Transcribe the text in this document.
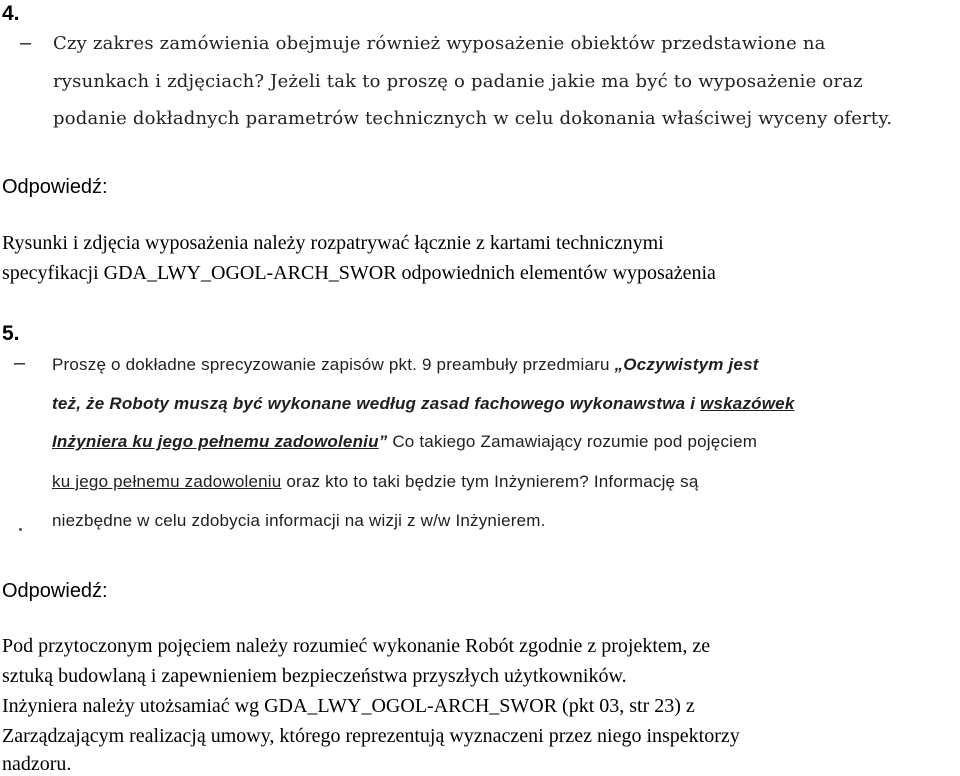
4.
– Czy zakres zamówienia obejmuje również wyposażenie obiektów przedstawione na
rysunkach i zdjęciach? Jeżeli tak to proszę o padanie jakie ma być to wyposażenie oraz
podanie dokładnych parametrów technicznych w celu dokonania właściwej wyceny oferty.
Odpowiedź:
Rysunki i zdjęcia wyposażenia należy rozpatrywać łącznie z kartami technicznymi
specyfikacji GDA_LWY_OGOL-ARCH_SWOR odpowiednich elementów wyposażenia
5.
– Proszę o dokładne sprecyzowanie zapisów pkt. 9 preambuły przedmiaru „Oczywistym jest
też, że Roboty muszą być wykonane według zasad fachowego wykonawstwa i wskazówek
Inżyniera ku jego pełnemu zadowoleniu” Co takiego Zamawiający rozumie pod pojęciem
ku jego pełnemu zadowoleniu oraz kto to taki będzie tym Inżynierem? Informację są
niezbędne w celu zdobycia informacji na wizji z w/w Inżynierem.
Odpowiedź:
Pod przytoczonym pojęciem należy rozumieć wykonanie Robót zgodnie z projektem, ze
sztuką budowlaną i zapewnieniem bezpieczeństwa przyszłych użytkowników.
Inżyniera należy utożsamiać wg GDA_LWY_OGOL-ARCH_SWOR (pkt 03, str 23) z
Zarządzającym realizacją umowy, którego reprezentują wyznaczeni przez niego inspektorzy
nadzoru.
